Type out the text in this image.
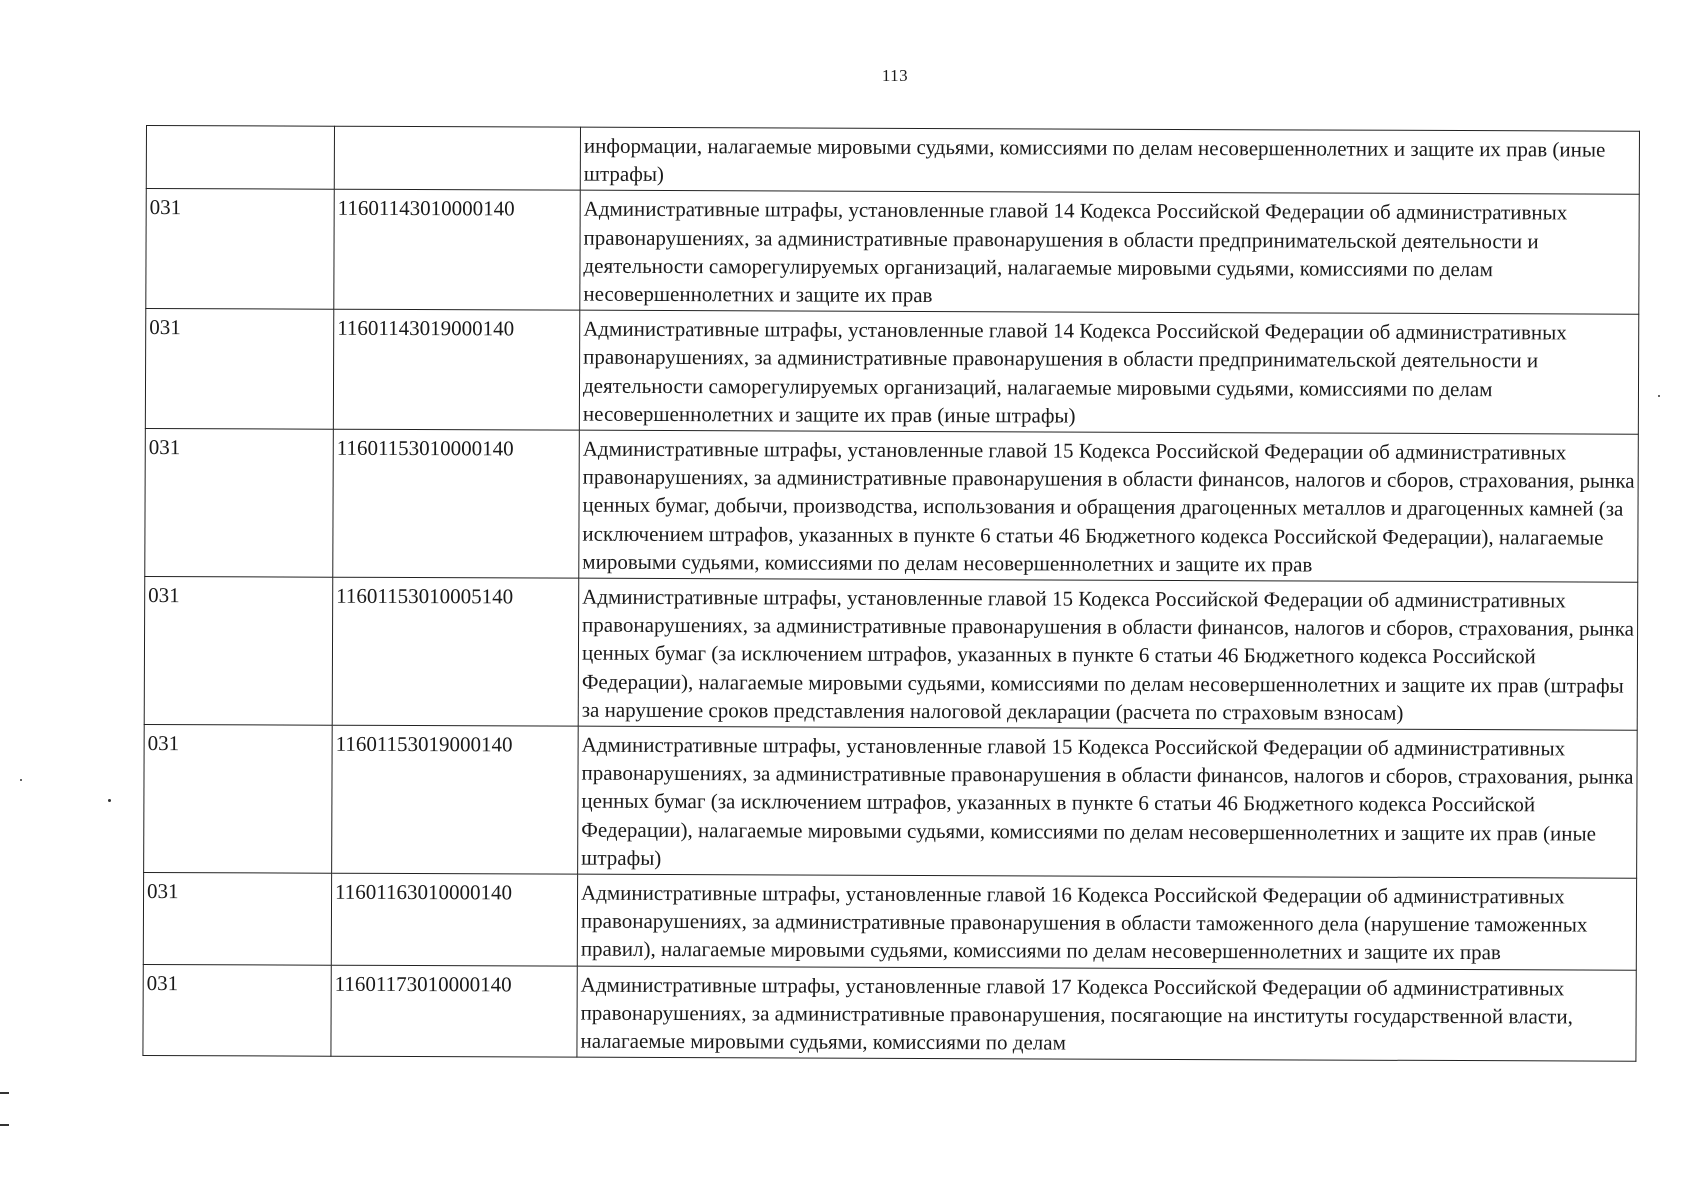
113
		информации, налагаемые мировыми судьями, комиссиями по делам несовершеннолетних и защите их прав (иные штрафы)
031	11601143010000140	Административные штрафы, установленные главой 14 Кодекса Российской Федерации об административных правонарушениях, за административные правонарушения в области предпринимательской деятельности и деятельности саморегулируемых организаций, налагаемые мировыми судьями, комиссиями по делам несовершеннолетних и защите их прав
031	11601143019000140	Административные штрафы, установленные главой 14 Кодекса Российской Федерации об административных правонарушениях, за административные правонарушения в области предпринимательской деятельности и деятельности саморегулируемых организаций, налагаемые мировыми судьями, комиссиями по делам несовершеннолетних и защите их прав (иные штрафы)
031	11601153010000140	Административные штрафы, установленные главой 15 Кодекса Российской Федерации об административных правонарушениях, за административные правонарушения в области финансов, налогов и сборов, страхования, рынка ценных бумаг, добычи, производства, использования и обращения драгоценных металлов и драгоценных камней (за исключением штрафов, указанных в пункте 6 статьи 46 Бюджетного кодекса Российской Федерации), налагаемые мировыми судьями, комиссиями по делам несовершеннолетних и защите их прав
031	11601153010005140	Административные штрафы, установленные главой 15 Кодекса Российской Федерации об административных правонарушениях, за административные правонарушения в области финансов, налогов и сборов, страхования, рынка ценных бумаг (за исключением штрафов, указанных в пункте 6 статьи 46 Бюджетного кодекса Российской Федерации), налагаемые мировыми судьями, комиссиями по делам несовершеннолетних и защите их прав (штрафы за нарушение сроков представления налоговой декларации (расчета по страховым взносам)
031	11601153019000140	Административные штрафы, установленные главой 15 Кодекса Российской Федерации об административных правонарушениях, за административные правонарушения в области финансов, налогов и сборов, страхования, рынка ценных бумаг (за исключением штрафов, указанных в пункте 6 статьи 46 Бюджетного кодекса Российской Федерации), налагаемые мировыми судьями, комиссиями по делам несовершеннолетних и защите их прав (иные штрафы)
031	11601163010000140	Административные штрафы, установленные главой 16 Кодекса Российской Федерации об административных правонарушениях, за административные правонарушения в области таможенного дела (нарушение таможенных правил), налагаемые мировыми судьями, комиссиями по делам несовершеннолетних и защите их прав
031	11601173010000140	Административные штрафы, установленные главой 17 Кодекса Российской Федерации об административных правонарушениях, за административные правонарушения, посягающие на институты государственной власти, налагаемые мировыми судьями, комиссиями по делам
